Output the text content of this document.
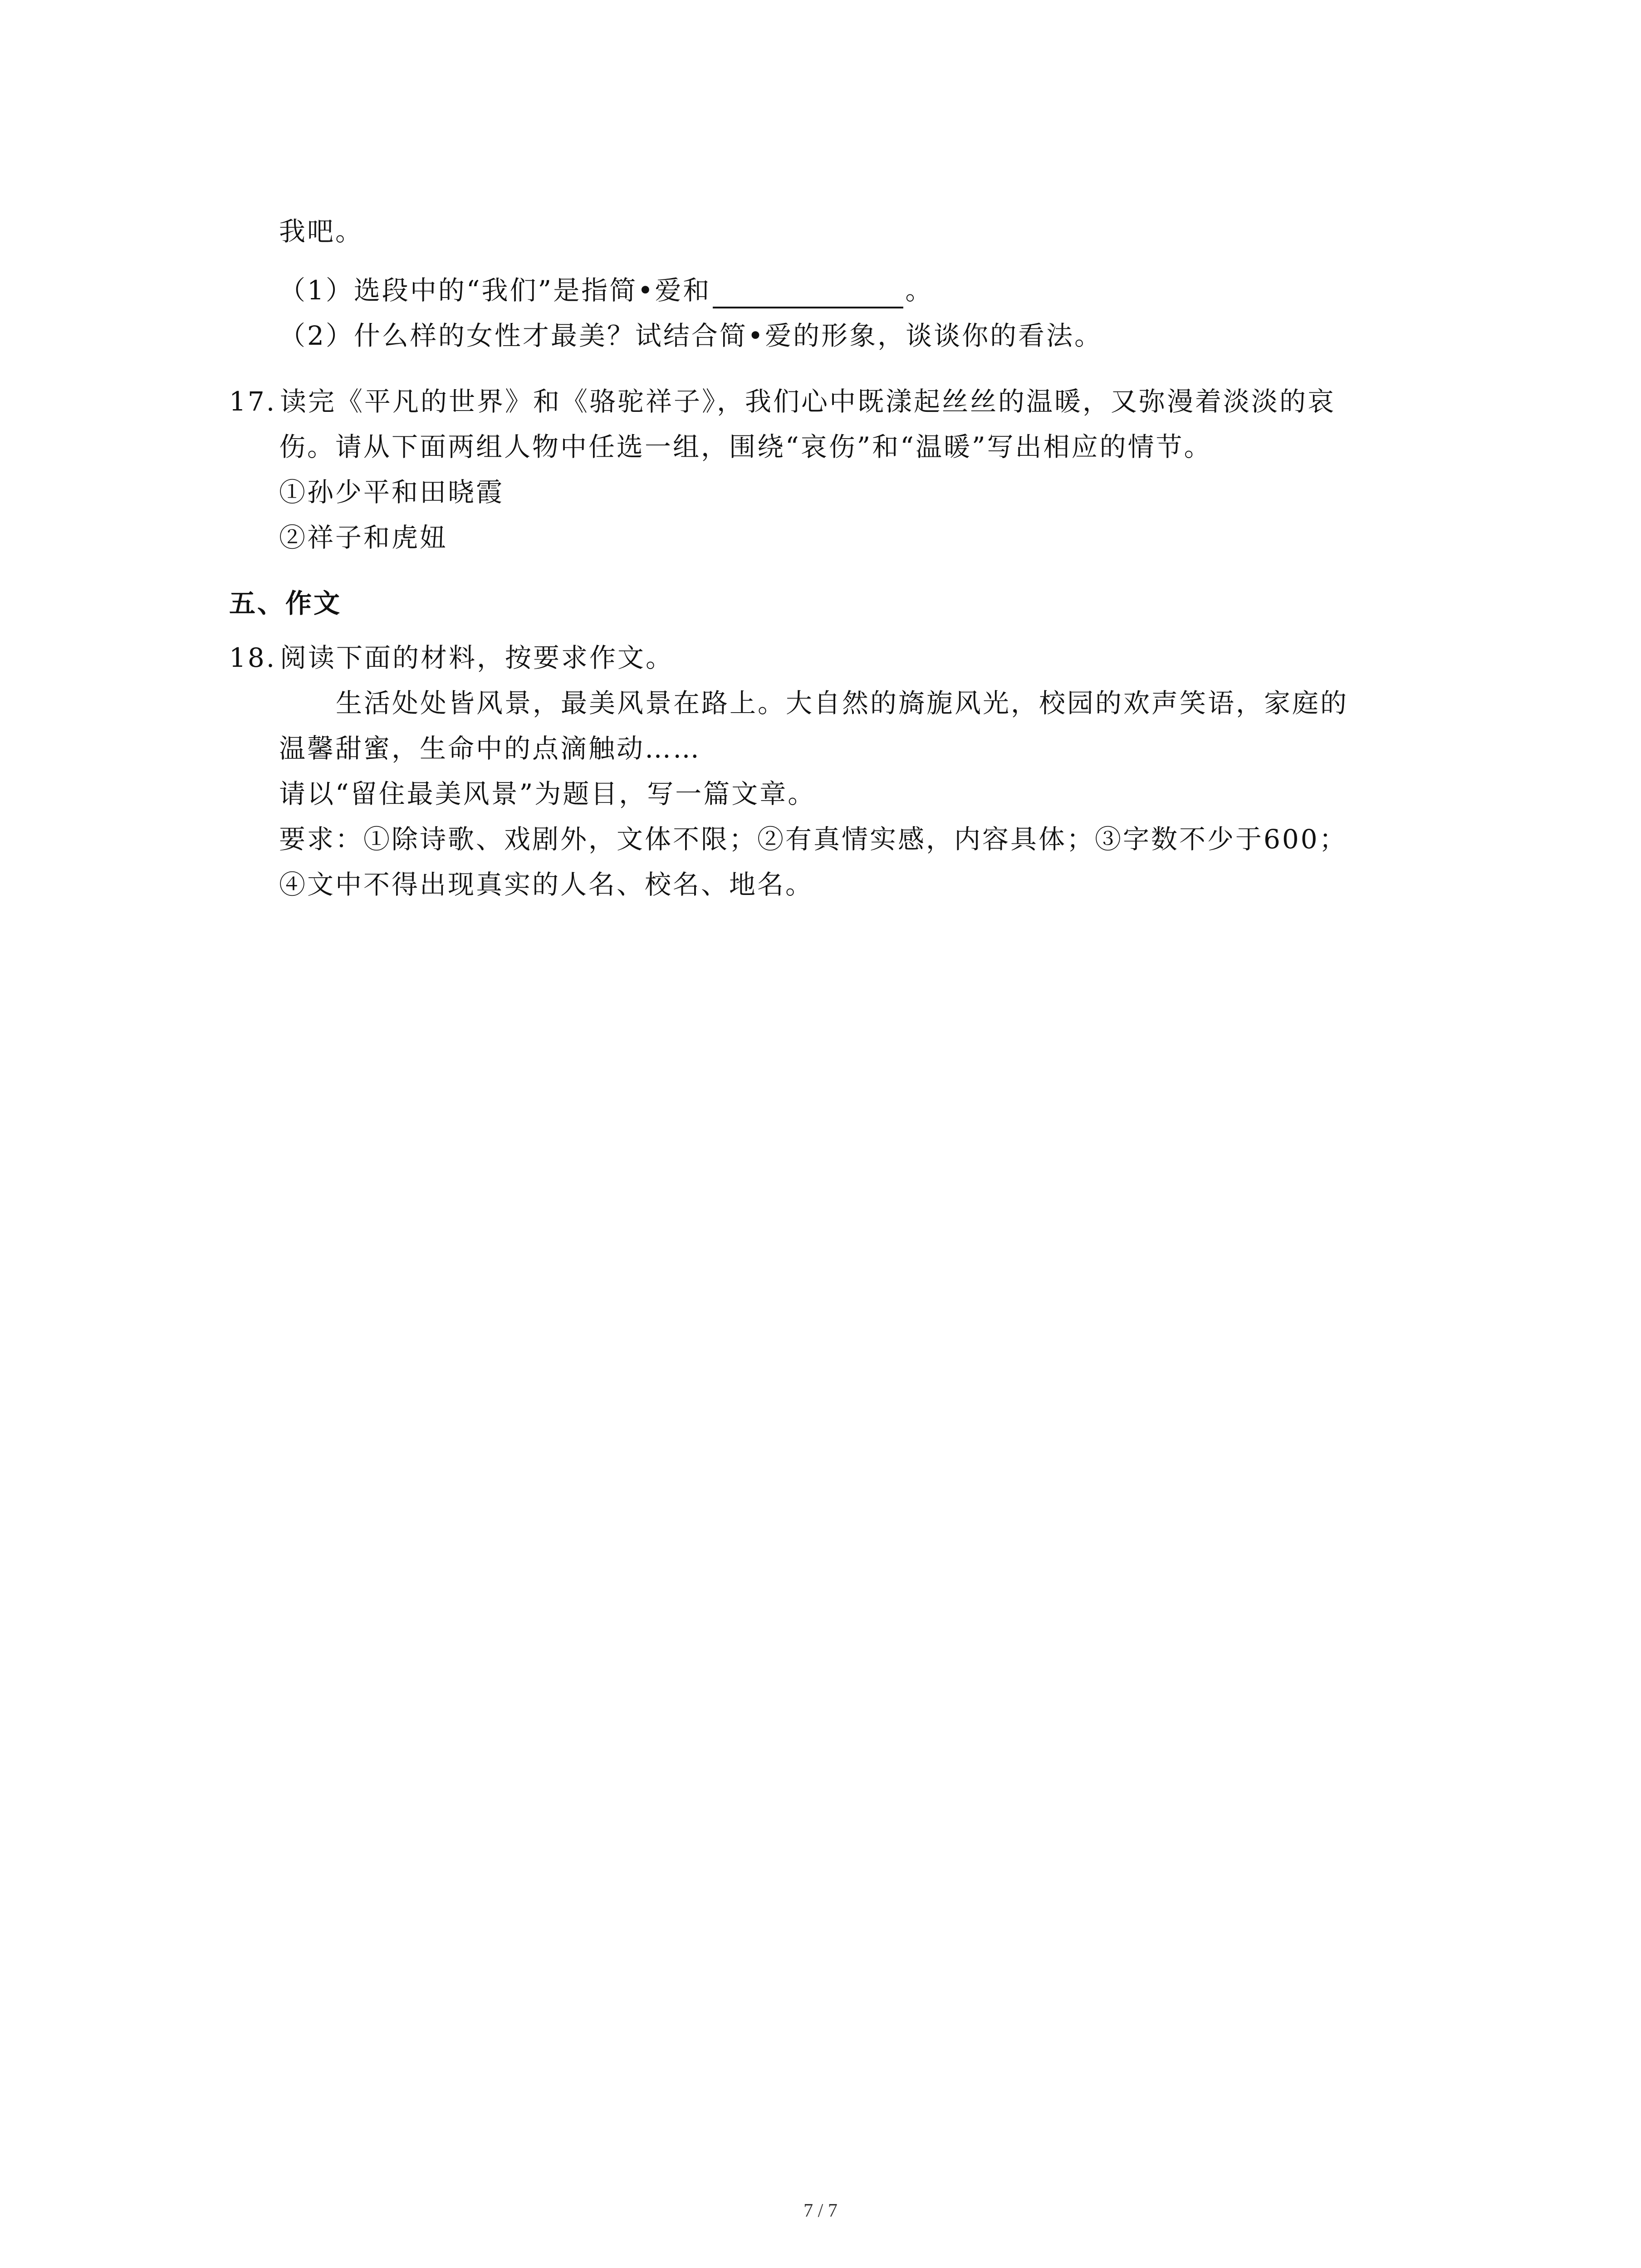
我吧。
（1）选段中的“我们”是指简•爱和	。
（2）什么样的女性才最美？试结合简•爱的形象，谈谈你的看法。
17. 读完《平凡的世界》和《骆驼祥子》，我们心中既漾起丝丝的温暖，又弥漫着淡淡的哀
伤。请从下面两组人物中任选一组，围绕“哀伤”和“温暖”写出相应的情节。
①孙少平和田晓霞
②祥子和虎妞
五、作文
18. 阅读下面的材料，按要求作文。
生活处处皆风景，最美风景在路上。大自然的旖旎风光，校园的欢声笑语，家庭的
温馨甜蜜，生命中的点滴触动……
请以“留住最美风景”为题目，写一篇文章。
要求：①除诗歌、戏剧外，文体不限；②有真情实感，内容具体；③字数不少于600；
④文中不得出现真实的人名、校名、地名。
7 / 7
